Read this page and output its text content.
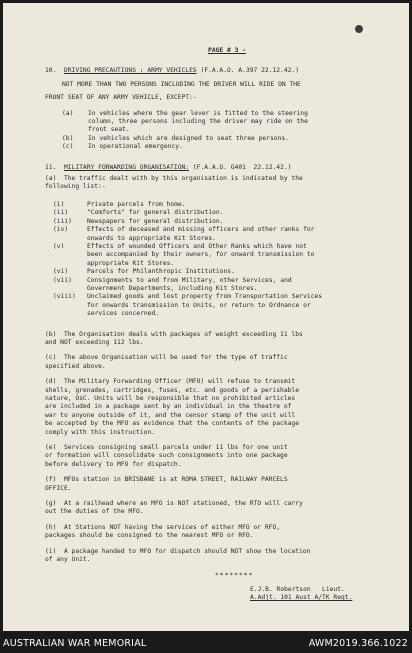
PAGE # 3 -
10. DRIVING PRECAUTIONS : ARMY VEHICLES (F.A.A.O. A.397 22.12.42.)
NOT MORE THAN TWO PERSONS INCLUDING THE DRIVER WILL RIDE ON THE
FRONT SEAT OF ANY ARMY VEHICLE, EXCEPT:-
(a)	In vehicles where the gear lever is fitted to the steering
column, three persons including the driver may ride on the
front seat.
(b)	In vehicles which are designed to seat three persons.
(c)	In operational emergency.
11. MILITARY FORWARDING ORGANISATION: (F.A.A.O. G401  22.12.42.)
(a)  The traffic dealt with by this organisation is indicated by the
following list:-
(i)	Private parcels from home.
(ii)	"Comforts" for general distribution.
(iii)	Newspapers for general distribution.
(iv)	Effects of deceased and missing officers and other ranks for
onwards to appropriate Kit Stores.
(v)	Effects of wounded Officers and Other Ranks which have not
been accompanied by their owners, for onward transmission to
appropriate Kit Stores.
(vi)	Parcels for Philanthropic Institutions.
(vii)	Consignments to and from Military, other Services, and
Government Departments, including Kit Stores.
(viii)	Unclaimed goods and lost property from Transportation Services
for onwards transmission to Units, or return to Ordnance or
services concerned.
(b)  The Organisation deals with packages of weight exceeding 11 lbs
and NOT exceeding 112 lbs.
(c)  The above Organisation will be used for the type of traffic
specified above.
(d)  The Military Forwarding Officer (MFO) will refuse to transmit
shells, grenades, cartridges, fuses, etc. and goods of a perishable
nature, OsC. Units will be responsible that no prohibited articles
are included in a package sent by an individual in the theatre of
war to anyone outside of it, and the censor stamp of the unit will
be accepted by the MFO as evidence that the contents of the package
comply with this instruction.
(e)  Services consigning small parcels under 11 lbs for one unit
or formation will consolidate such consignments into one package
before delivery to MFO for dispatch.
(f)  MFOs station in BRISBANE is at ROMA STREET, RAILWAY PARCELS
OFFICE.
(g)  At a railhead where an MFO is NOT stationed, the RTO will carry
out the duties of the MFO.
(h)  At Stations NOT having the services of either MFO or RFO,
packages should be consigned to the nearest MFO or RFO.
(i)  A package handed to MFO for dispatch should NOT show the location
of any Unit.
********
E.J.B. Robertson   Lieut.
A.Adjt. 101 Aust A/TK Regt.
AUSTRALIAN WAR MEMORIAL	AWM2019.366.1022
